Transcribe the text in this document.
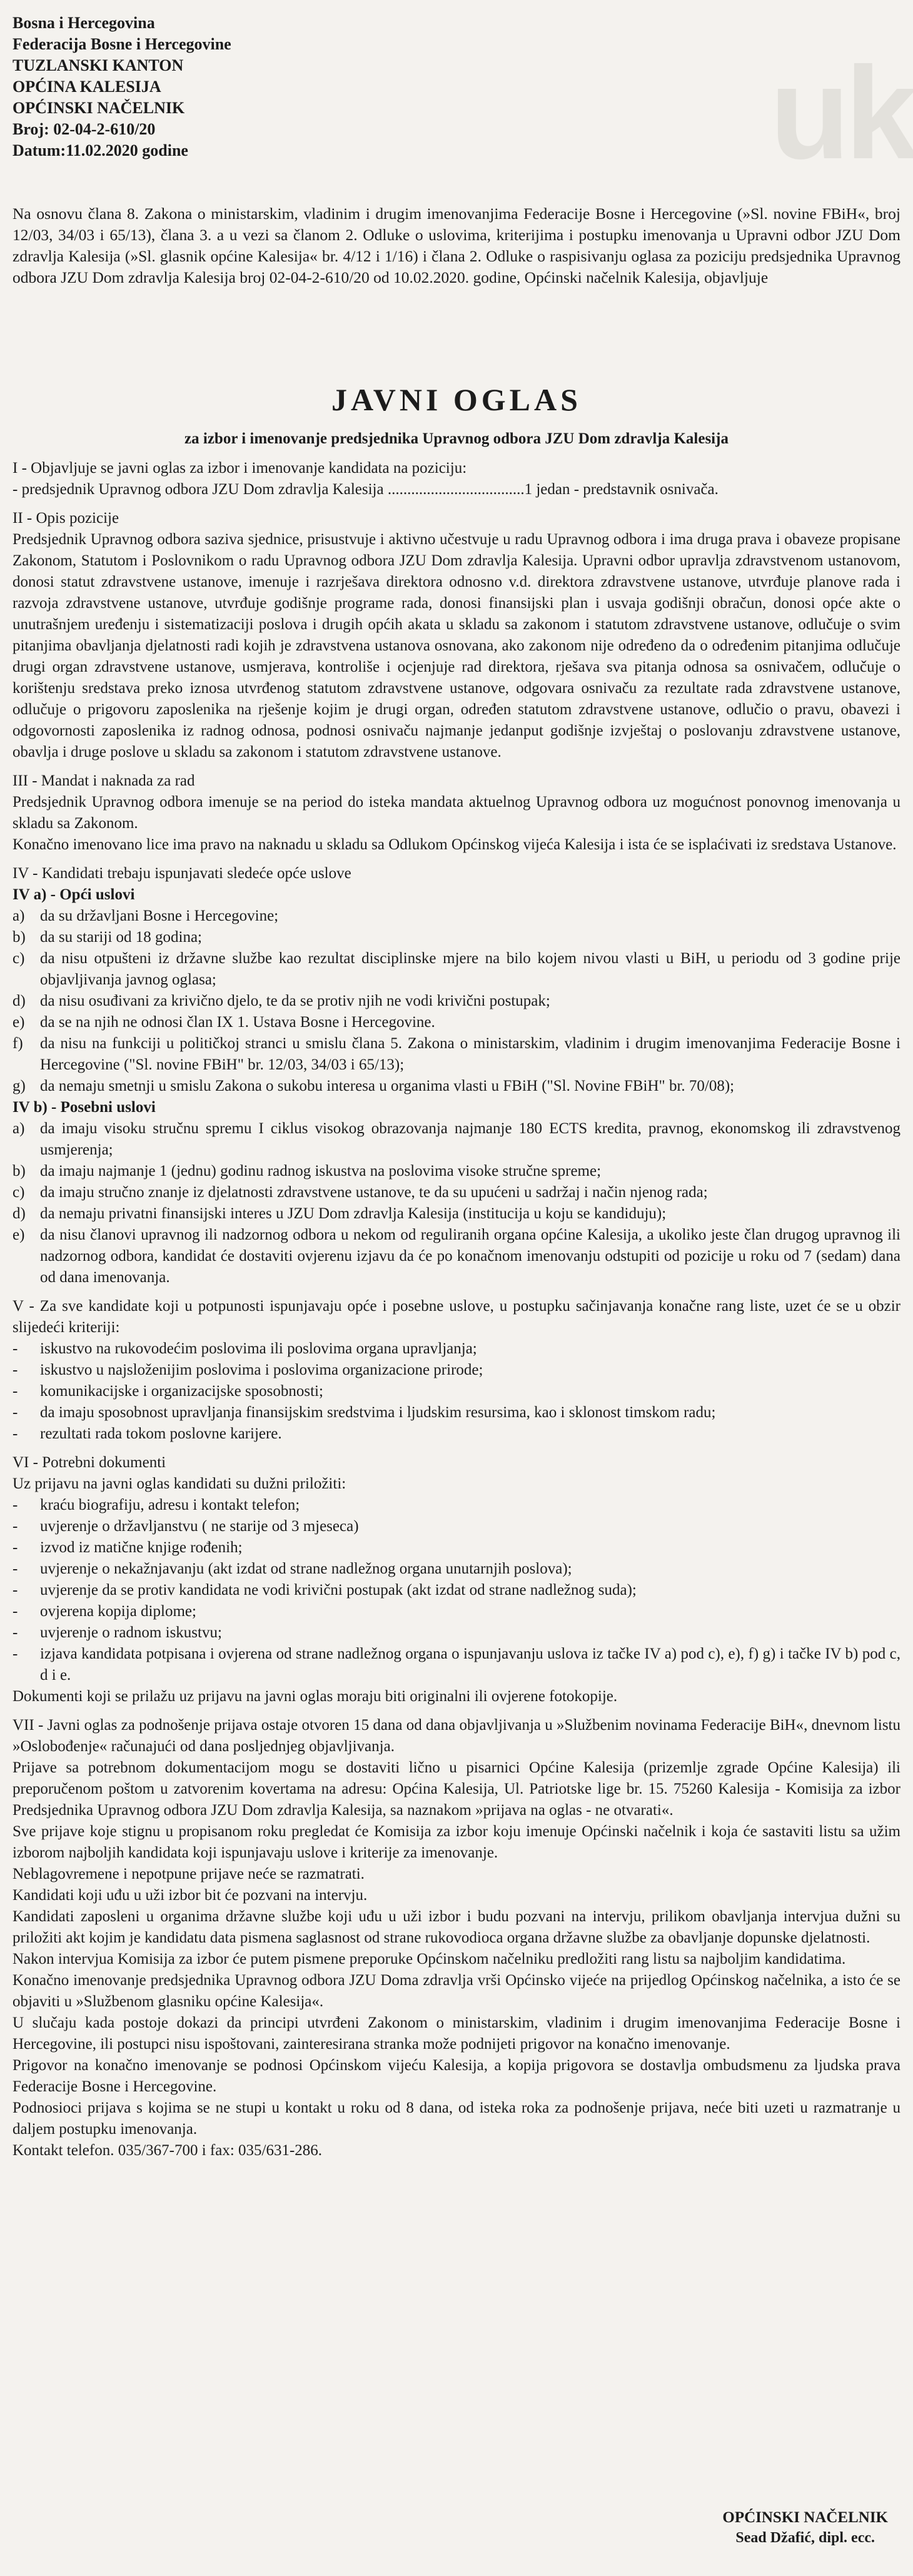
uk
Bosna i Hercegovina
Federacija Bosne i Hercegovine
TUZLANSKI KANTON
OPĆINA KALESIJA
OPĆINSKI NAČELNIK
Broj: 02-04-2-610/20
Datum:11.02.2020 godine
Na osnovu člana 8. Zakona o ministarskim, vladinim i drugim imenovanjima Federacije Bosne i Hercegovine (»Sl. novine FBiH«, broj 12/03, 34/03 i 65/13), člana 3. a u vezi sa članom 2. Odluke o uslovima, kriterijima i postupku imenovanja u Upravni odbor JZU Dom zdravlja Kalesija (»Sl. glasnik općine Kalesija« br. 4/12 i 1/16) i člana 2. Odluke o raspisivanju oglasa za poziciju predsjednika Upravnog odbora JZU Dom zdravlja Kalesija broj 02-04-2-610/20 od 10.02.2020. godine, Općinski načelnik Kalesija, objavljuje
JAVNI OGLAS
za izbor i imenovanje predsjednika Upravnog odbora JZU Dom zdravlja Kalesija
I - Objavljuje se javni oglas za izbor i imenovanje kandidata na poziciju:
- predsjednik Upravnog odbora JZU Dom zdravlja Kalesija ...................................1 jedan - predstavnik osnivača.
II - Opis pozicije
Predsjednik Upravnog odbora saziva sjednice, prisustvuje i aktivno učestvuje u radu Upravnog odbora i ima druga prava i obaveze propisane Zakonom, Statutom i Poslovnikom o radu Upravnog odbora JZU Dom zdravlja Kalesija. Upravni odbor upravlja zdravstvenom ustanovom, donosi statut zdravstvene ustanove, imenuje i razrješava direktora odnosno v.d. direktora zdravstvene ustanove, utvrđuje planove rada i razvoja zdravstvene ustanove, utvrđuje godišnje programe rada, donosi finansijski plan i usvaja godišnji obračun, donosi opće akte o unutrašnjem uređenju i sistematizaciji poslova i drugih općih akata u skladu sa zakonom i statutom zdravstvene ustanove, odlučuje o svim pitanjima obavljanja djelatnosti radi kojih je zdravstvena ustanova osnovana, ako zakonom nije određeno da o određenim pitanjima odlučuje drugi organ zdravstvene ustanove, usmjerava, kontroliše i ocjenjuje rad direktora, rješava sva pitanja odnosa sa osnivačem, odlučuje o korištenju sredstava preko iznosa utvrđenog statutom zdravstvene ustanove, odgovara osnivaču za rezultate rada zdravstvene ustanove, odlučuje o prigovoru zaposlenika na rješenje kojim je drugi organ, određen statutom zdravstvene ustanove, odlučio o pravu, obavezi i odgovornosti zaposlenika iz radnog odnosa, podnosi osnivaču najmanje jedanput godišnje izvještaj o poslovanju zdravstvene ustanove, obavlja i druge poslove u skladu sa zakonom i statutom zdravstvene ustanove.
III - Mandat i naknada za rad
Predsjednik Upravnog odbora imenuje se na period do isteka mandata aktuelnog Upravnog odbora uz mogućnost ponovnog imenovanja u skladu sa Zakonom.
Konačno imenovano lice ima pravo na naknadu u skladu sa Odlukom Općinskog vijeća Kalesija i ista će se isplaćivati iz sredstava Ustanove.
IV - Kandidati trebaju ispunjavati sledeće opće uslove
IV a) - Opći uslovi
a) da su državljani Bosne i Hercegovine;
b) da su stariji od 18 godina;
c) da nisu otpušteni iz državne službe kao rezultat disciplinske mjere na bilo kojem nivou vlasti u BiH, u periodu od 3 godine prije objavljivanja javnog oglasa;
d) da nisu osuđivani za krivično djelo, te da se protiv njih ne vodi krivični postupak;
e) da se na njih ne odnosi član IX 1. Ustava Bosne i Hercegovine.
f)	da nisu na funkciji u političkoj stranci u smislu člana 5. Zakona o ministarskim, vladinim i drugim imenovanjima Federacije Bosne i Hercegovine ("Sl. novine FBiH" br. 12/03, 34/03 i 65/13);
g) da nemaju smetnji u smislu Zakona o sukobu interesa u organima vlasti u FBiH ("Sl. Novine FBiH" br. 70/08);
IV b) - Posebni uslovi
a) da imaju visoku stručnu spremu I ciklus visokog obrazovanja najmanje 180 ECTS kredita, pravnog, ekonomskog ili zdravstvenog usmjerenja;
b) da imaju najmanje 1 (jednu) godinu radnog iskustva na poslovima visoke stručne spreme;
c) da imaju stručno znanje iz djelatnosti zdravstvene ustanove, te da su upućeni u sadržaj i način njenog rada;
d) da nemaju privatni finansijski interes u JZU Dom zdravlja Kalesija (institucija u koju se kandiduju);
e) da nisu članovi upravnog ili nadzornog odbora u nekom od reguliranih organa općine Kalesija, a ukoliko jeste član drugog upravnog ili nadzornog odbora, kandidat će dostaviti ovjerenu izjavu da će po konačnom imenovanju odstupiti od pozicije u roku od 7 (sedam) dana od dana imenovanja.
V - Za sve kandidate koji u potpunosti ispunjavaju opće i posebne uslove, u postupku sačinjavanja konačne rang liste, uzet će se u obzir slijedeći kriteriji:
-	iskustvo na rukovodećim poslovima ili poslovima organa upravljanja;
-	iskustvo u najsloženijim poslovima i poslovima organizacione prirode;
-	komunikacijske i organizacijske sposobnosti;
-	da imaju sposobnost upravljanja finansijskim sredstvima i ljudskim resursima, kao i sklonost timskom radu;
-	rezultati rada tokom poslovne karijere.
VI - Potrebni dokumenti
Uz prijavu na javni oglas kandidati su dužni priložiti:
-	kraću biografiju, adresu i kontakt telefon;
-	uvjerenje o državljanstvu ( ne starije od 3 mjeseca)
-	izvod iz matične knjige rođenih;
-	uvjerenje o nekažnjavanju (akt izdat od strane nadležnog organa unutarnjih poslova);
-	uvjerenje da se protiv kandidata ne vodi krivični postupak (akt izdat od strane nadležnog suda);
-	ovjerena kopija diplome;
-	uvjerenje o radnom iskustvu;
-	izjava kandidata potpisana i ovjerena od strane nadležnog organa o ispunjavanju uslova iz tačke IV a) pod c), e), f) g) i tačke IV b) pod c, d i e.
Dokumenti koji se prilažu uz prijavu na javni oglas moraju biti originalni ili ovjerene fotokopije.
VII - Javni oglas za podnošenje prijava ostaje otvoren 15 dana od dana objavljivanja u »Službenim novinama Federacije BiH«, dnevnom listu »Oslobođenje« računajući od dana posljednjeg objavljivanja.
Prijave sa potrebnom dokumentacijom mogu se dostaviti lično u pisarnici Općine Kalesija (prizemlje zgrade Općine Kalesija) ili preporučenom poštom u zatvorenim kovertama na adresu: Općina Kalesija, Ul. Patriotske lige br. 15. 75260 Kalesija - Komisija za izbor Predsjednika Upravnog odbora JZU Dom zdravlja Kalesija, sa naznakom »prijava na oglas - ne otvarati«.
Sve prijave koje stignu u propisanom roku pregledat će Komisija za izbor koju imenuje Općinski načelnik i koja će sastaviti listu sa užim izborom najboljih kandidata koji ispunjavaju uslove i kriterije za imenovanje.
Neblagovremene i nepotpune prijave neće se razmatrati.
Kandidati koji uđu u uži izbor bit će pozvani na intervju.
Kandidati zaposleni u organima državne službe koji uđu u uži izbor i budu pozvani na intervju, prilikom obavljanja intervjua dužni su priložiti akt kojim je kandidatu data pismena saglasnost od strane rukovodioca organa državne službe za obavljanje dopunske djelatnosti.
Nakon intervjua Komisija za izbor će putem pismene preporuke Općinskom načelniku predložiti rang listu sa najboljim kandidatima.
Konačno imenovanje predsjednika Upravnog odbora JZU Doma zdravlja vrši Općinsko vijeće na prijedlog Općinskog načelnika, a isto će se objaviti u »Službenom glasniku općine Kalesija«.
U slučaju kada postoje dokazi da principi utvrđeni Zakonom o ministarskim, vladinim i drugim imenovanjima Federacije Bosne i Hercegovine, ili postupci nisu ispoštovani, zainteresirana stranka može podnijeti prigovor na konačno imenovanje.
Prigovor na konačno imenovanje se podnosi Općinskom vijeću Kalesija, a kopija prigovora se dostavlja ombudsmenu za ljudska prava Federacije Bosne i Hercegovine.
Podnosioci prijava s kojima se ne stupi u kontakt u roku od 8 dana, od isteka roka za podnošenje prijava, neće biti uzeti u razmatranje u daljem postupku imenovanja.
Kontakt telefon. 035/367-700 i fax: 035/631-286.
OPĆINSKI NAČELNIK
Sead Džafić, dipl. ecc.
